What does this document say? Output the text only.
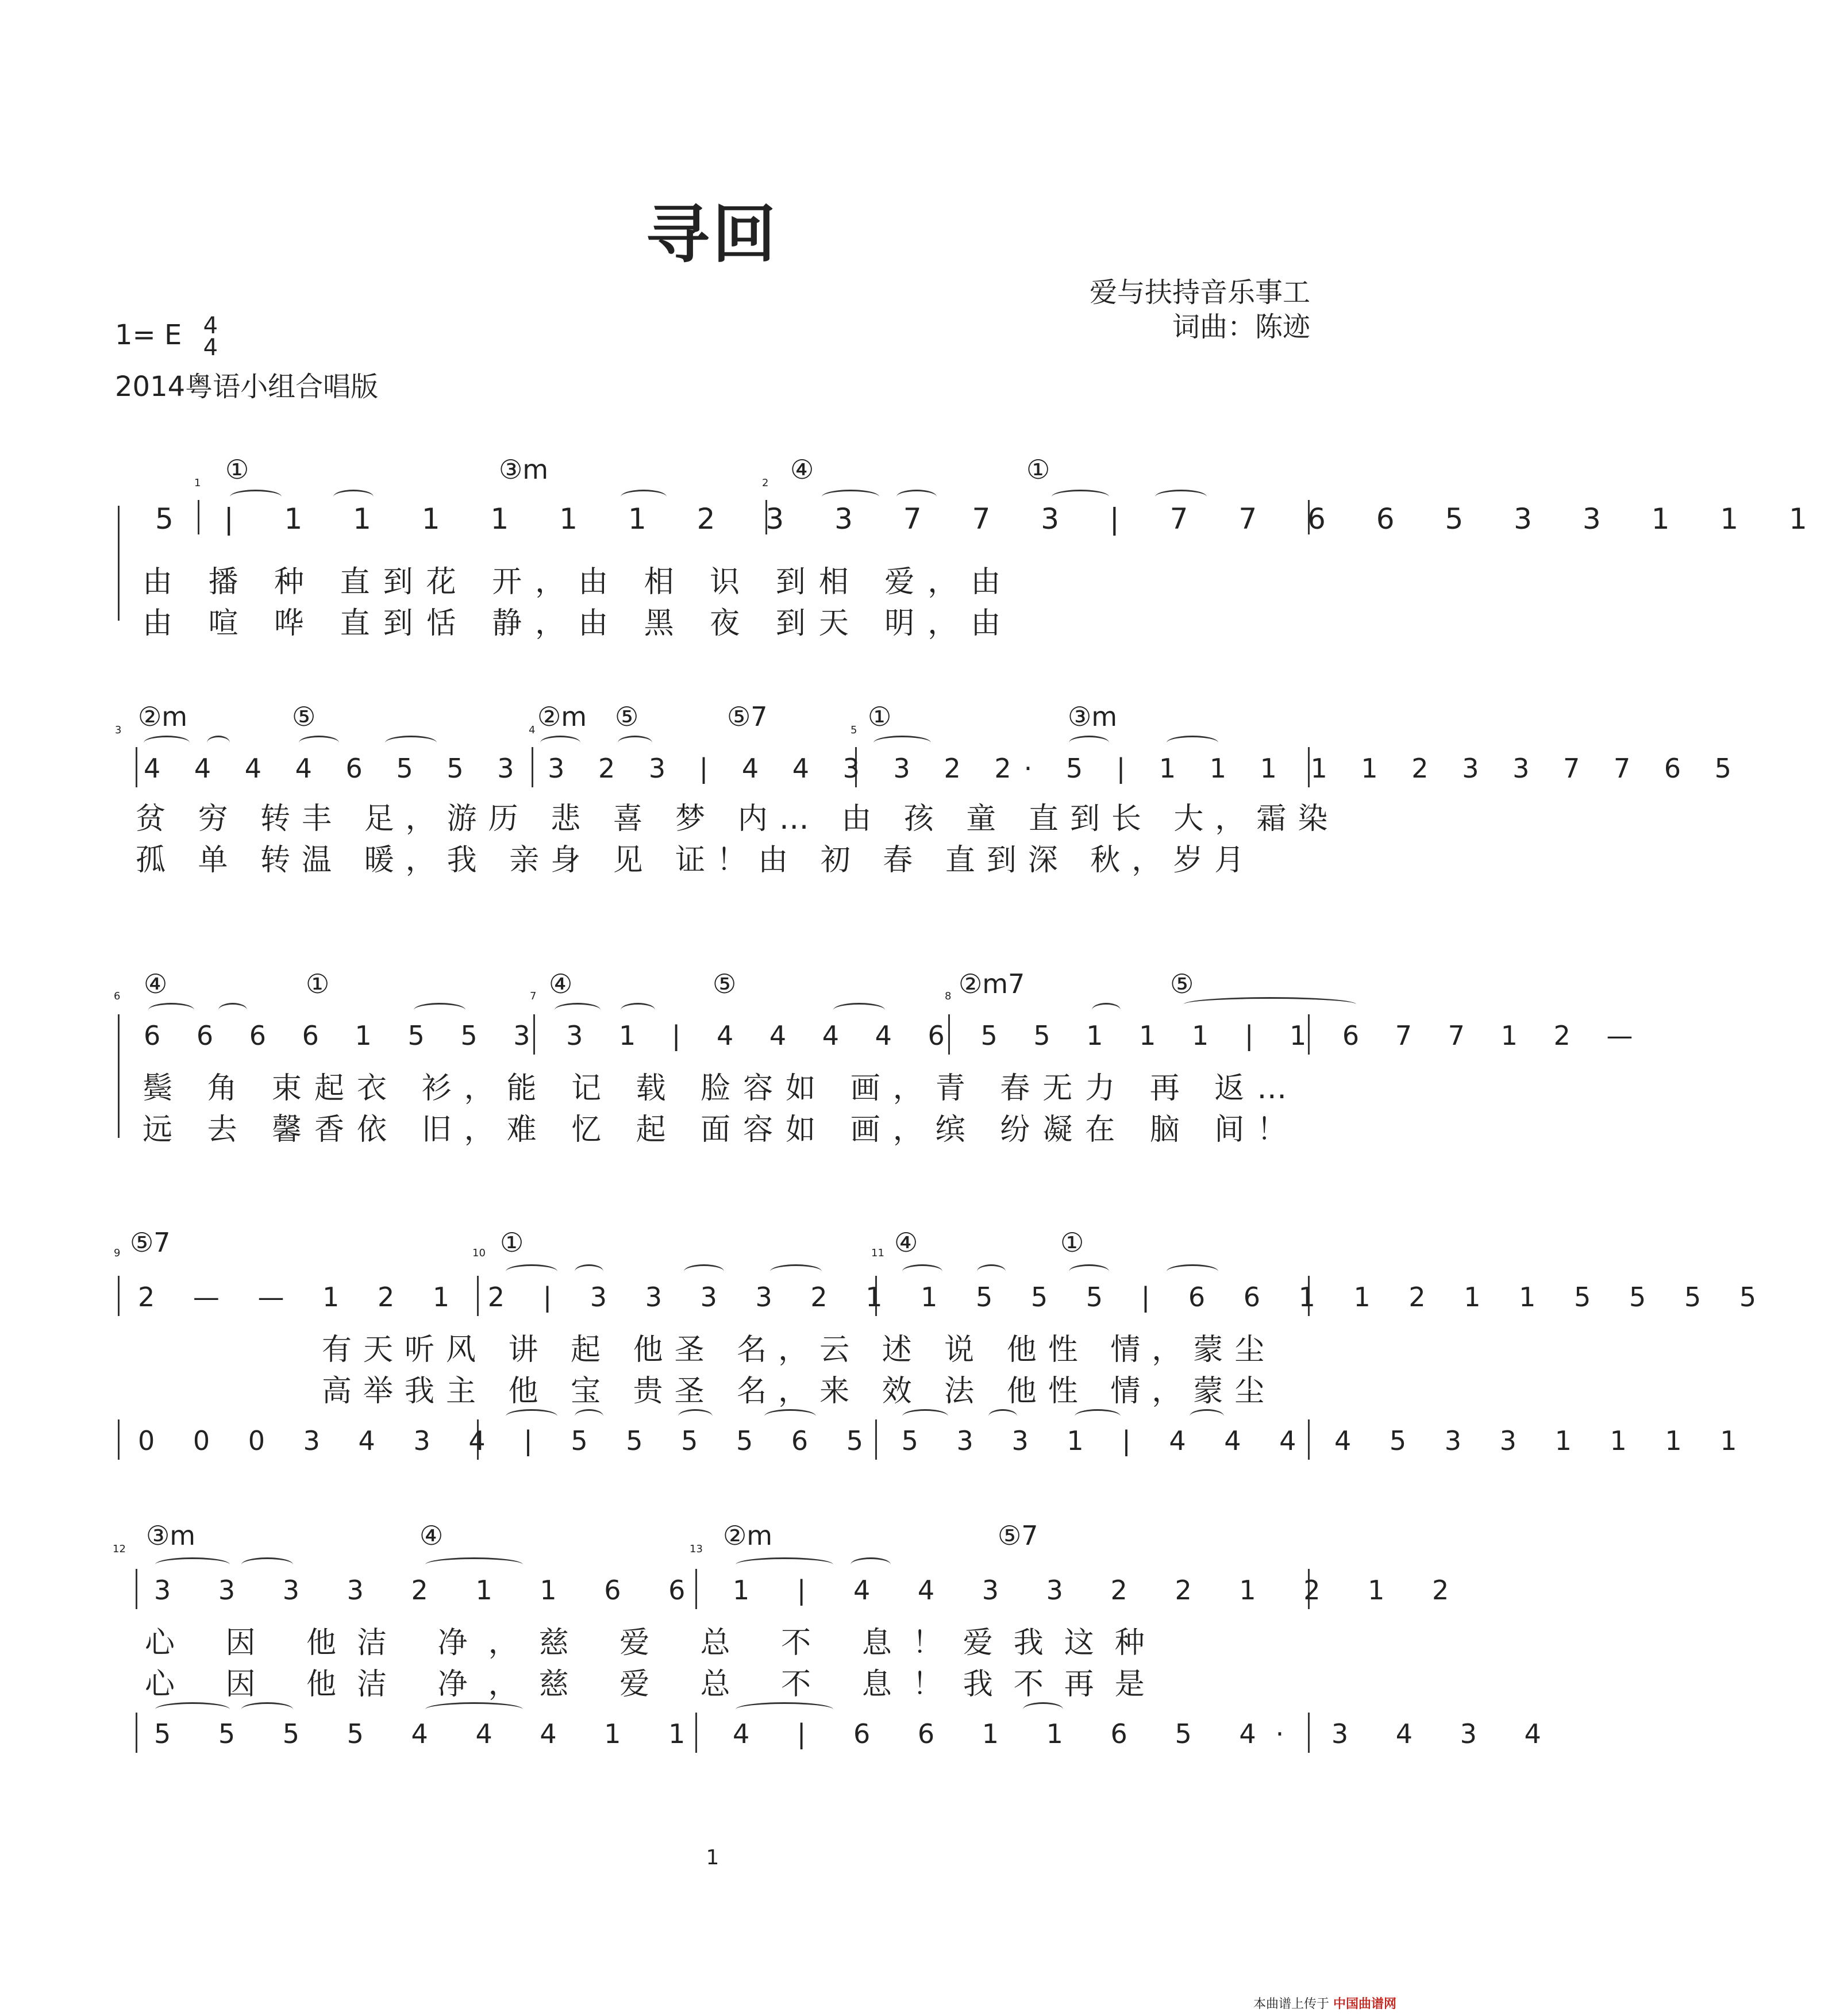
寻回
爱与扶持音乐事工
词曲：陈迹
1= E 4
4
2014粤语小组合唱版
1	2
①	③m	④	①
5 | 1 1 1 1 1 1 2 3 3 7 7 3 | 7 7 6 6 5 3 3 1 1 1
由 播 种 直到花 开，由 相 识 到相 爱，由
由 喧 哗 直到恬 静，由 黑 夜 到天 明，由
3	4	5
②m	⑤	②m ⑤	⑤7	①	③m
4 4 4 4 6 5 5 3 3 2 3 | 4 4 3 3 2 2· 5 | 1 1 1 1 1 2 3 3 7 7 6 5
贫 穷 转丰 足，游历 悲 喜 梦 内… 由 孩 童 直到长 大，霜染
孤 单 转温 暖，我 亲身 见 证！由 初 春 直到深 秋，岁月
6	7	8
④	①	④	⑤	②m7	⑤
6 6 6 6 1 5 5 3 3 1 | 4 4 4 4 6 5 5 1 1 1 | 1 6 7 7 1 2 —
鬓 角 束起衣 衫，能 记 载 脸容如 画，青 春无力 再 返…
远 去 馨香依 旧，难 忆 起 面容如 画，缤 纷凝在 脑 间！
9	10	11
⑤7	①	④	①
2 — — 1 2 1 2 | 3 3 3 3 2 1 1 5 5 5 | 6 6 1 1 2 1 1 5 5 5 5
有天听风 讲 起 他圣 名，云 述 说 他性 情，蒙尘
高举我主 他 宝 贵圣 名，来 效 法 他性 情，蒙尘
0 0 0 3 4 3 4 | 5 5 5 5 6 5 5 3 3 1 | 4 4 4 4 5 3 3 1 1 1 1
12	13
③m	④	②m	⑤7
3 3 3 3 2 1 1 6 6 1 | 4 4 3 3 2 2 1 2 1 2
心 因 他洁 净，慈 爱 总 不 息！爱我这种
心 因 他洁 净，慈 爱 总 不 息！我不再是
5 5 5 5 4 4 4 1 1 4 | 6 6 1 1 6 5 4· 3 4 3 4
1
本曲谱上传于 中国曲谱网
